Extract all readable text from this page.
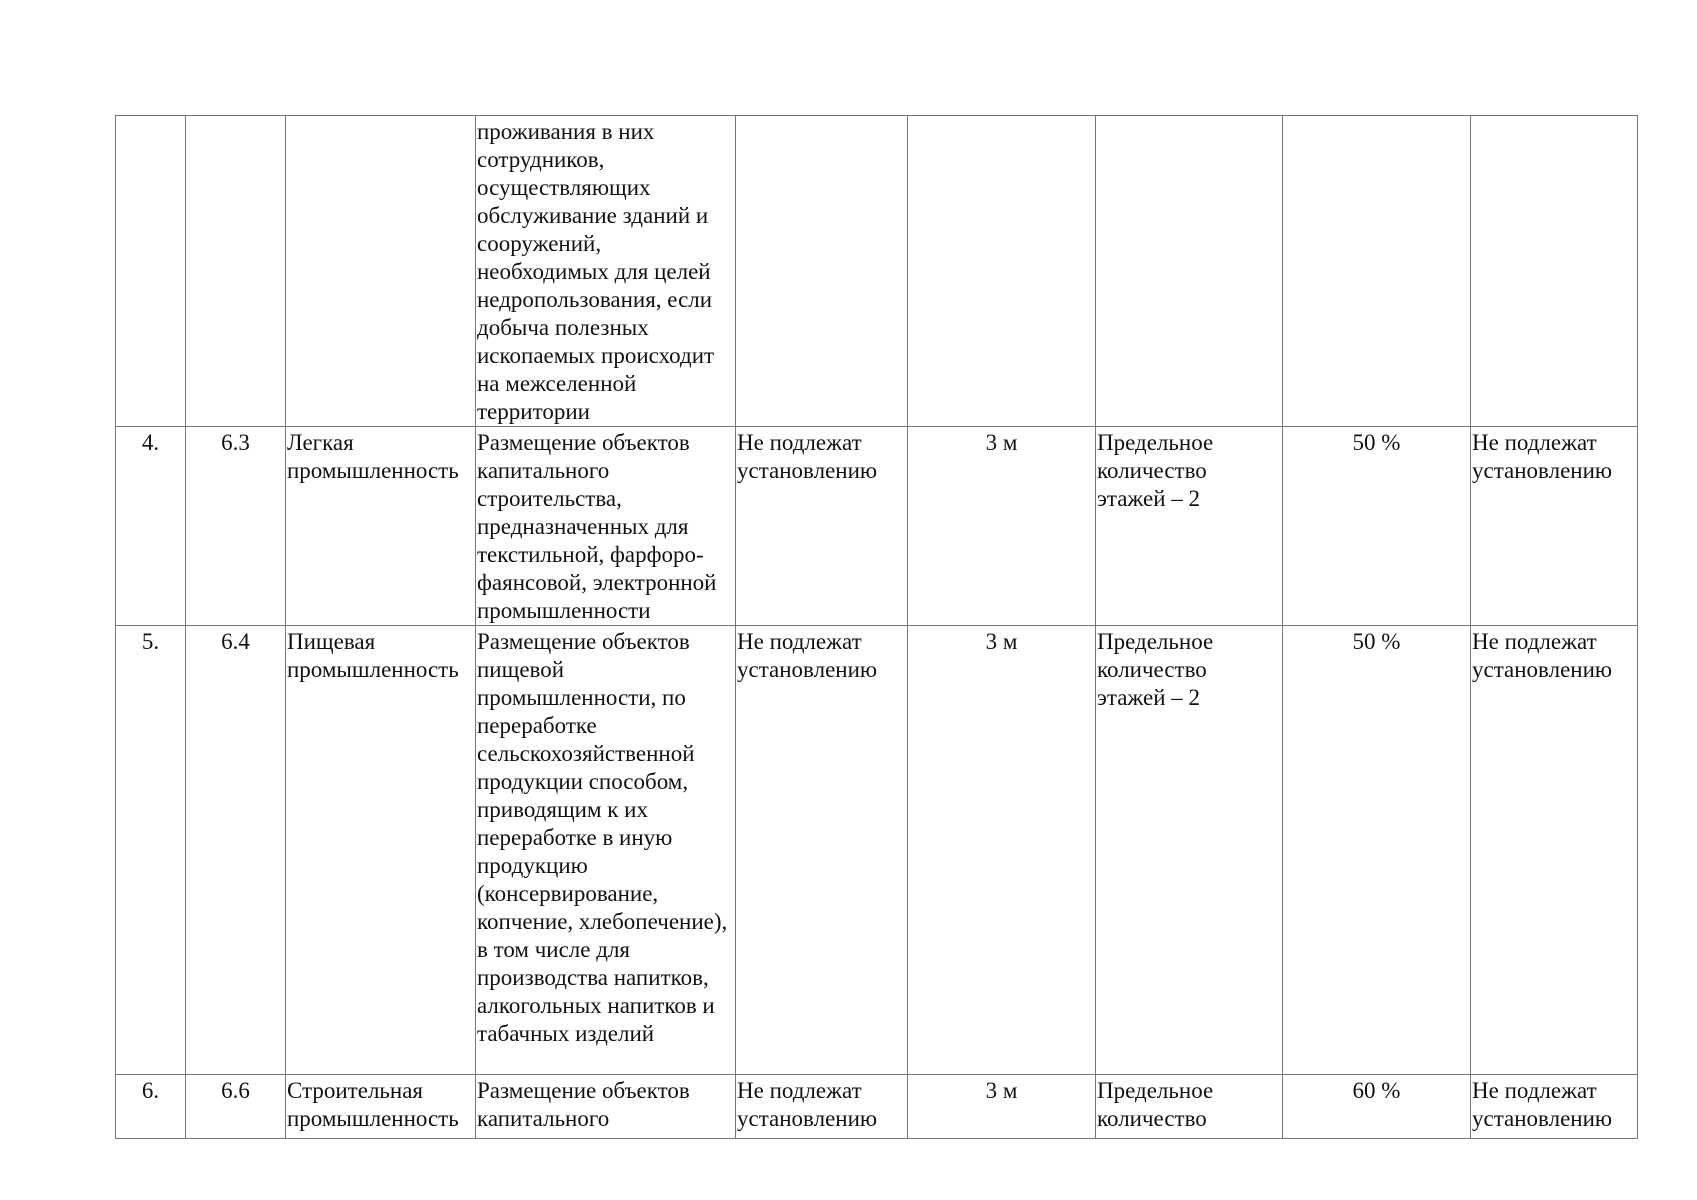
			проживания в них сотрудников, осуществляющих обслуживание зданий и сооружений, необходимых для целей недропользования, если добыча полезных ископаемых происходит на межселенной территории					
4.	6.3	Легкая промышленность	Размещение объектов капитального строительства, предназначенных для текстильной, фарфоро-фаянсовой, электронной промышленности	Не подлежат установлению	3 м	Предельное количество этажей – 2	50 %	Не подлежат установлению
5.	6.4	Пищевая промышленность	Размещение объектов пищевой промышленности, по переработке сельскохозяйственной продукции способом, приводящим к их переработке в иную продукцию (консервирование, копчение, хлебопечение), в том числе для производства напитков, алкогольных напитков и табачных изделий	Не подлежат установлению	3 м	Предельное количество этажей – 2	50 %	Не подлежат установлению
6.	6.6	Строительная промышленность	Размещение объектов капитального	Не подлежат установлению	3 м	Предельное количество	60 %	Не подлежат установлению
